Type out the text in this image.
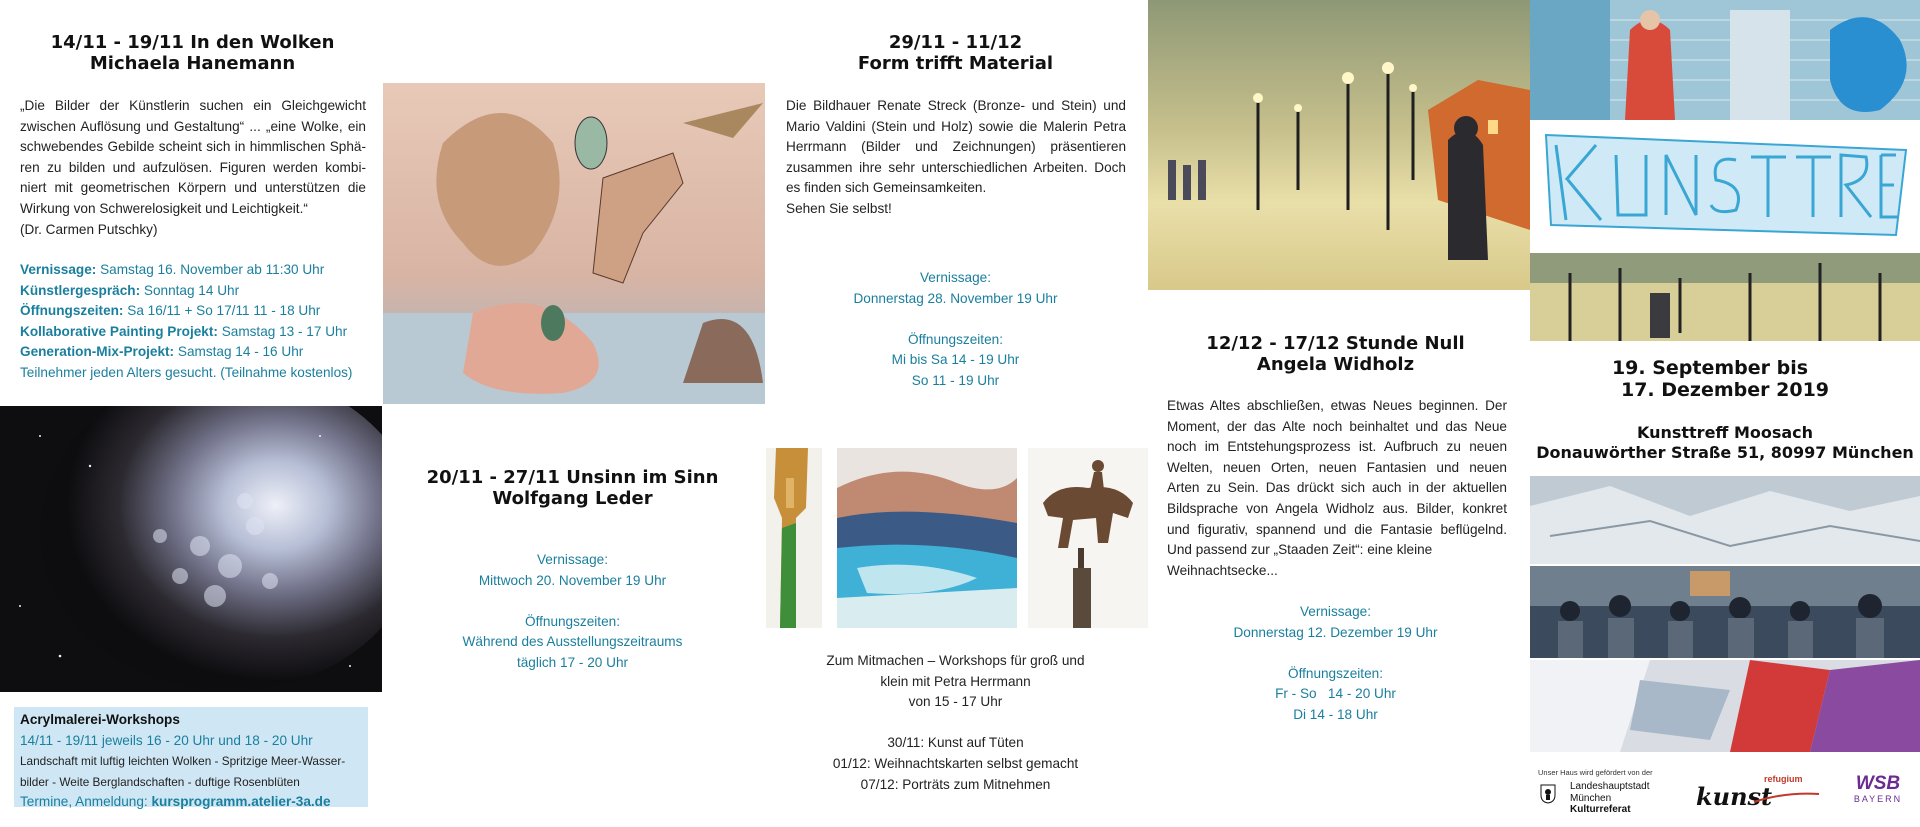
14/11 - 19/11 In den Wolken
Michaela Hanemann
„Die Bilder der Künstlerin suchen ein Gleichgewicht
zwischen Auflösung und Gestaltung“ ... „eine Wolke, ein
schwebendes Gebilde scheint sich in himmlischen Sphä-
ren zu bilden und aufzulösen. Figuren werden kombi-
niert mit geometrischen Körpern und unterstützen die
Wirkung von Schwerelosigkeit und Leichtigkeit.“
(Dr. Carmen Putschky)
Vernissage: Samstag 16. November ab 11:30 Uhr
Künstlergespräch: Sonntag 14 Uhr
Öffnungszeiten: Sa 16/11 + So 17/11 11 - 18 Uhr
Kollaborative Painting Projekt: Samstag 13 - 17 Uhr
Generation-Mix-Projekt: Samstag 14 - 16 Uhr
Teilnehmer jeden Alters gesucht. (Teilnahme kostenlos)
Acrylmalerei-Workshops
14/11 - 19/11 jeweils 16 - 20 Uhr und 18 - 20 Uhr
Landschaft mit luftig leichten Wolken - Spritzige Meer-Wasser-
bilder - Weite Berglandschaften - duftige Rosenblüten
Termine, Anmeldung: kursprogramm.atelier-3a.de
20/11 - 27/11 Unsinn im Sinn
Wolfgang Leder
Vernissage:
Mittwoch 20. November 19 Uhr

Öffnungszeiten:
Während des Ausstellungszeitraums
täglich 17 - 20 Uhr
29/11 - 11/12
Form trifft Material
Die Bildhauer Renate Streck (Bronze- und Stein) und
Mario Valdini (Stein und Holz) sowie die Malerin Petra
Herrmann (Bilder und Zeichnungen) präsentieren
zusammen ihre sehr unterschiedlichen Arbeiten. Doch
es finden sich Gemeinsamkeiten.
Sehen Sie selbst!
Vernissage:
Donnerstag 28. November 19 Uhr

Öffnungszeiten:
Mi bis Sa 14 - 19 Uhr
So 11 - 19 Uhr
Zum Mitmachen – Workshops für groß und
klein mit Petra Herrmann
von 15 - 17 Uhr

30/11: Kunst auf Tüten
01/12: Weihnachtskarten selbst gemacht
07/12: Porträts zum Mitnehmen
12/12 - 17/12 Stunde Null
Angela Widholz
Etwas Altes abschließen, etwas Neues beginnen. Der
Moment, der das Alte noch beinhaltet und das Neue
noch im Entstehungsprozess ist. Aufbruch zu neuen
Welten, neuen Orten, neuen Fantasien und neuen
Arten zu Sein. Das drückt sich auch in der aktuellen
Bildsprache von Angela Widholz aus. Bilder, konkret
und figurativ, spannend und die Fantasie beflügelnd.
Und passend zur „Staaden Zeit“: eine kleine
Weihnachtsecke...
Vernissage:
Donnerstag 12. Dezember 19 Uhr

Öffnungszeiten:
Fr - So   14 - 20 Uhr
Di 14 - 18 Uhr
19. September bis
17. Dezember 2019
Kunsttreff Moosach
Donauwörther Straße 51, 80997 München
Unser Haus wird gefördert von der
Landeshauptstadt
München
Kulturreferat	kunst
refugium	WSB
BAYERN
